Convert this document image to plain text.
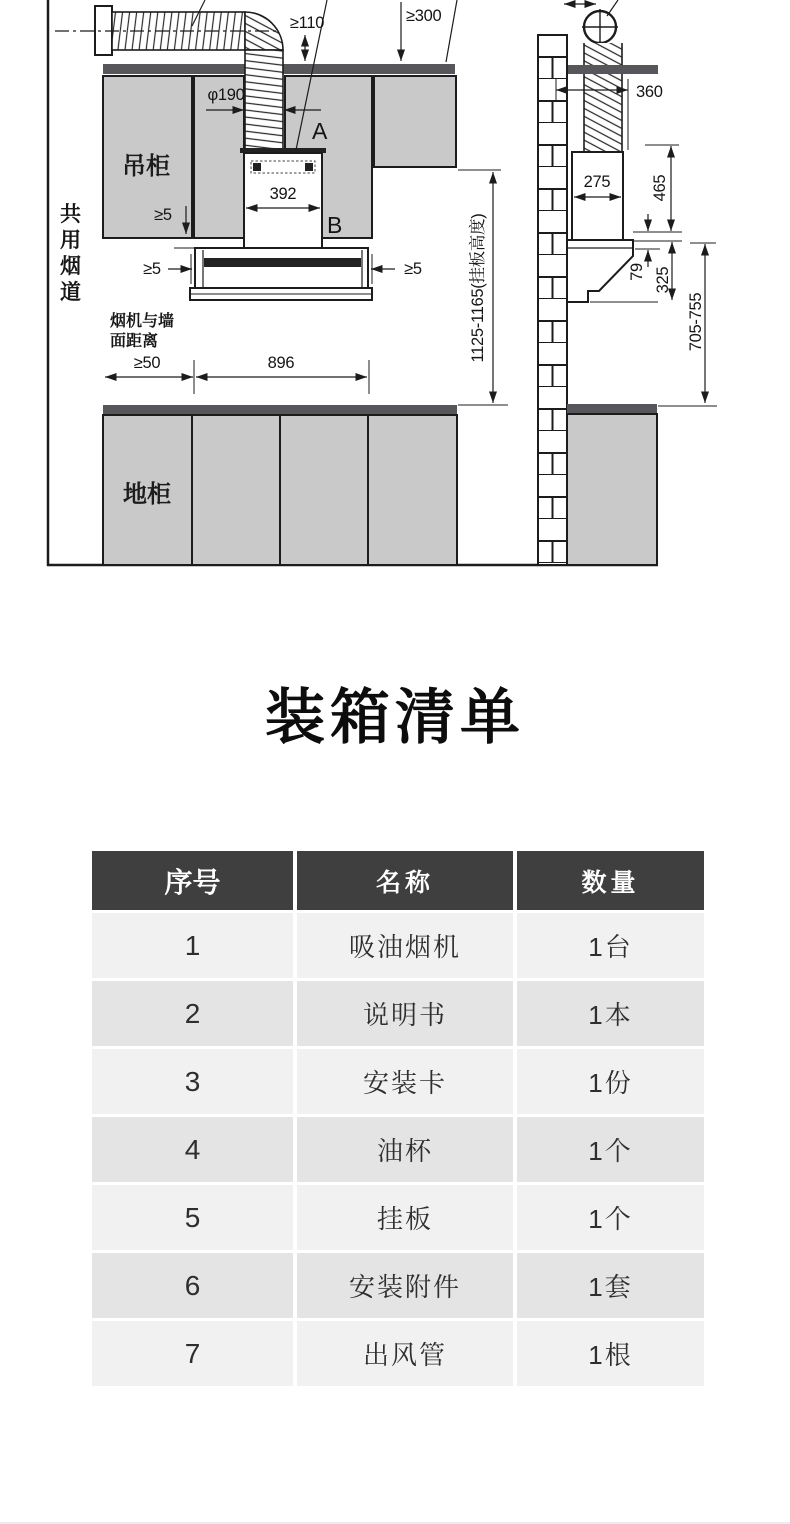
≥110	≥300
φ190
392
≥5
≥5	≥5
≥50	896
1125-1165(挂板高度)
吊柜
地柜
A
B
360
275 465
79 325
705-755
共用烟道
烟机与墙面距离
装箱清单
序号	名称	数量
1	吸油烟机	1台
2	说明书	1本
3	安装卡	1份
4	油杯	1个
5	挂板	1个
6	安装附件	1套
7	出风管	1根
